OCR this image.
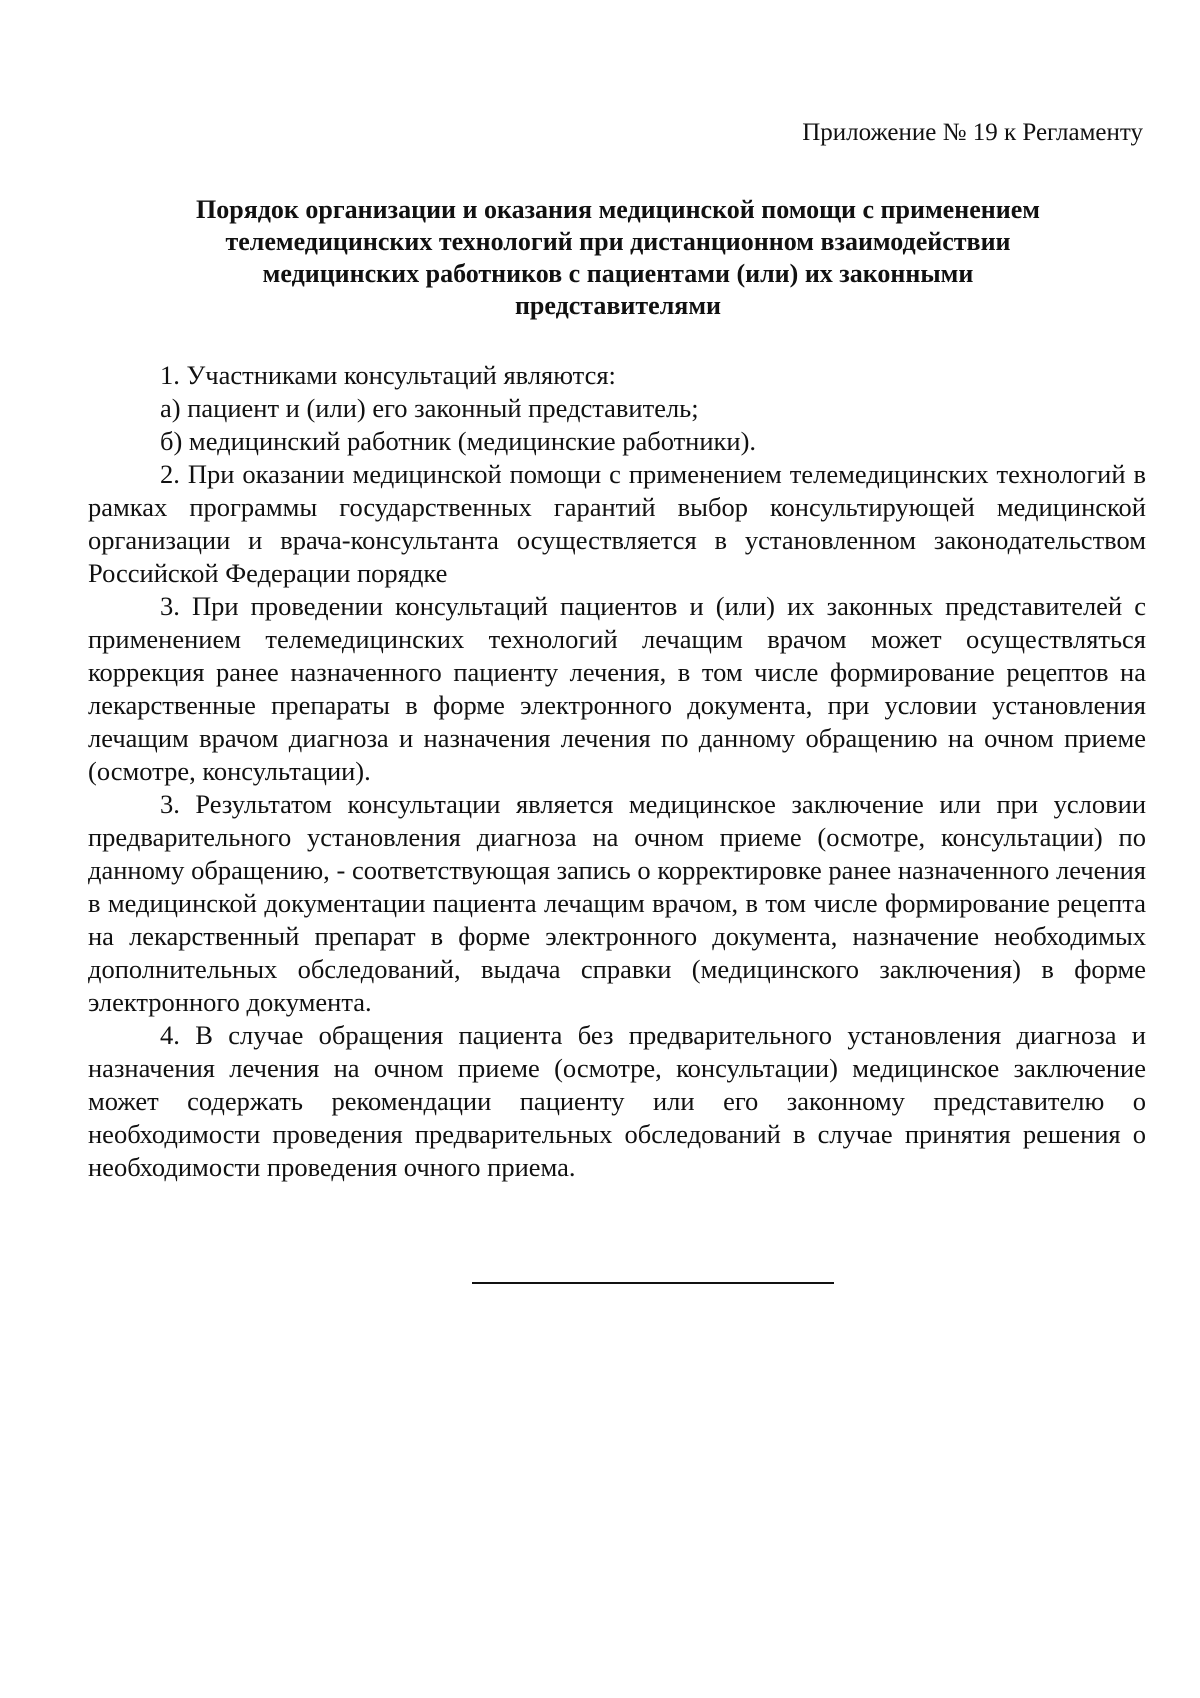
Приложение № 19 к Регламенту
Порядок организации и оказания медицинской помощи с применением
телемедицинских технологий при дистанционном взаимодействии
медицинских работников с пациентами (или) их законными
представителями

1. Участниками консультаций являются:

а) пациент и (или) его законный представитель;

б) медицинский работник (медицинские работники).

2. При оказании медицинской помощи с применением телемедицинских технологий в рамках программы государственных гарантий выбор консультирующей медицинской организации и врача-консультанта осуществляется в установленном законодательством Российской Федерации порядке

3. При проведении консультаций пациентов и (или) их законных представителей с применением телемедицинских технологий лечащим врачом может осуществляться коррекция ранее назначенного пациенту лечения, в том числе формирование рецептов на лекарственные препараты в форме электронного документа, при условии установления лечащим врачом диагноза и назначения лечения по данному обращению на очном приеме (осмотре, консультации).

3. Результатом консультации является медицинское заключение или при условии предварительного установления диагноза на очном приеме (осмотре, консультации) по данному обращению, - соответствующая запись о корректировке ранее назначенного лечения в медицинской документации пациента лечащим врачом, в том числе формирование рецепта на лекарственный препарат в форме электронного документа, назначение необходимых дополнительных обследований, выдача справки (медицинского заключения) в форме электронного документа.

4. В случае обращения пациента без предварительного установления диагноза и назначения лечения на очном приеме (осмотре, консультации) медицинское заключение может содержать рекомендации пациенту или его законному представителю о необходимости проведения предварительных обследований в случае принятия решения о необходимости проведения очного приема.
